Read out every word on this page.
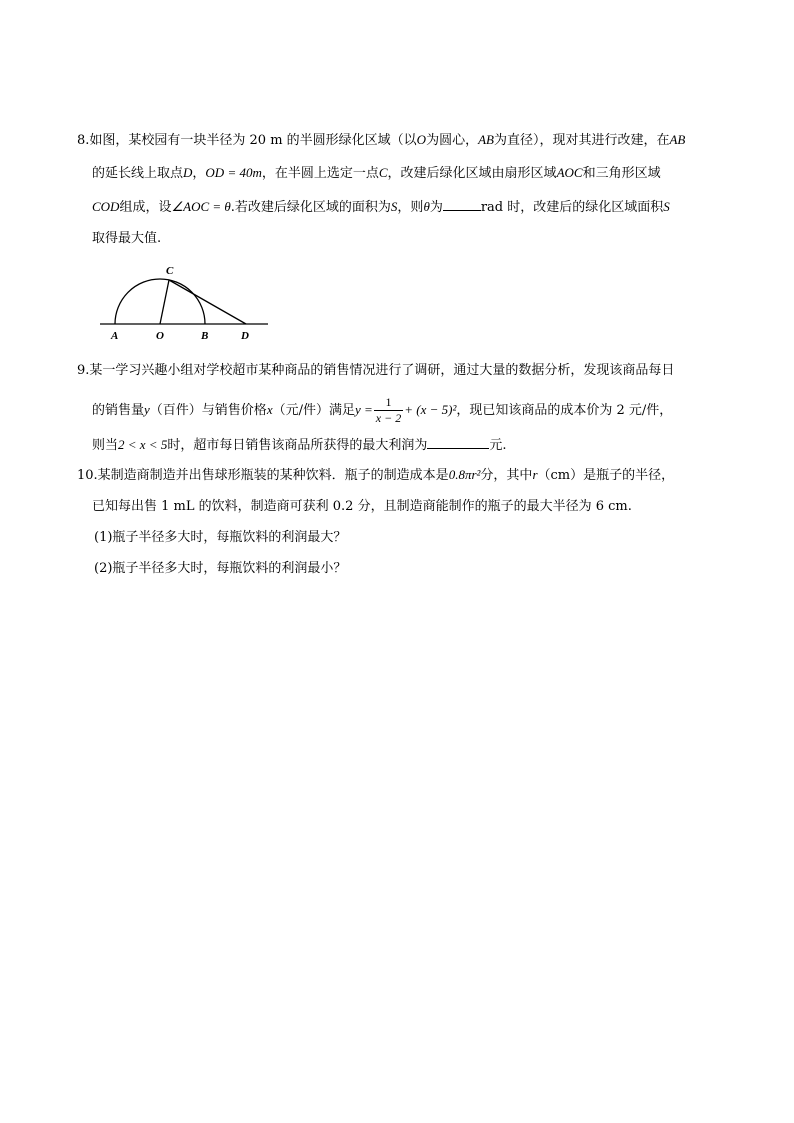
8.如图，某校园有一块半径为 20 m 的半圆形绿化区域（以O为圆心，AB为直径），现对其进行改建，在AB
的延长线上取点D，OD = 40m，在半圆上选定一点C，改建后绿化区域由扇形区域AOC和三角形区域
COD组成，设∠AOC = θ.若改建后绿化区域的面积为S，则θ为	rad 时，改建后的绿化区域面积S
取得最大值.
C
A	O	B	D
9.某一学习兴趣小组对学校超市某种商品的销售情况进行了调研，通过大量的数据分析，发现该商品每日
的销售量y（百件）与销售价格x（元/件）满足$y = \frac{1}{x - 2} + (x - 5)^2$，现已知该商品的成本价为 2 元/件，
则当2 < x < 5时，超市每日销售该商品所获得的最大利润为	元.
10.某制造商制造并出售球形瓶装的某种饮料．瓶子的制造成本是0.8πr²分，其中r（cm）是瓶子的半径，
已知每出售 1 mL 的饮料，制造商可获利 0.2 分，且制造商能制作的瓶子的最大半径为 6 cm.
(1)瓶子半径多大时，每瓶饮料的利润最大？
(2)瓶子半径多大时，每瓶饮料的利润最小？
